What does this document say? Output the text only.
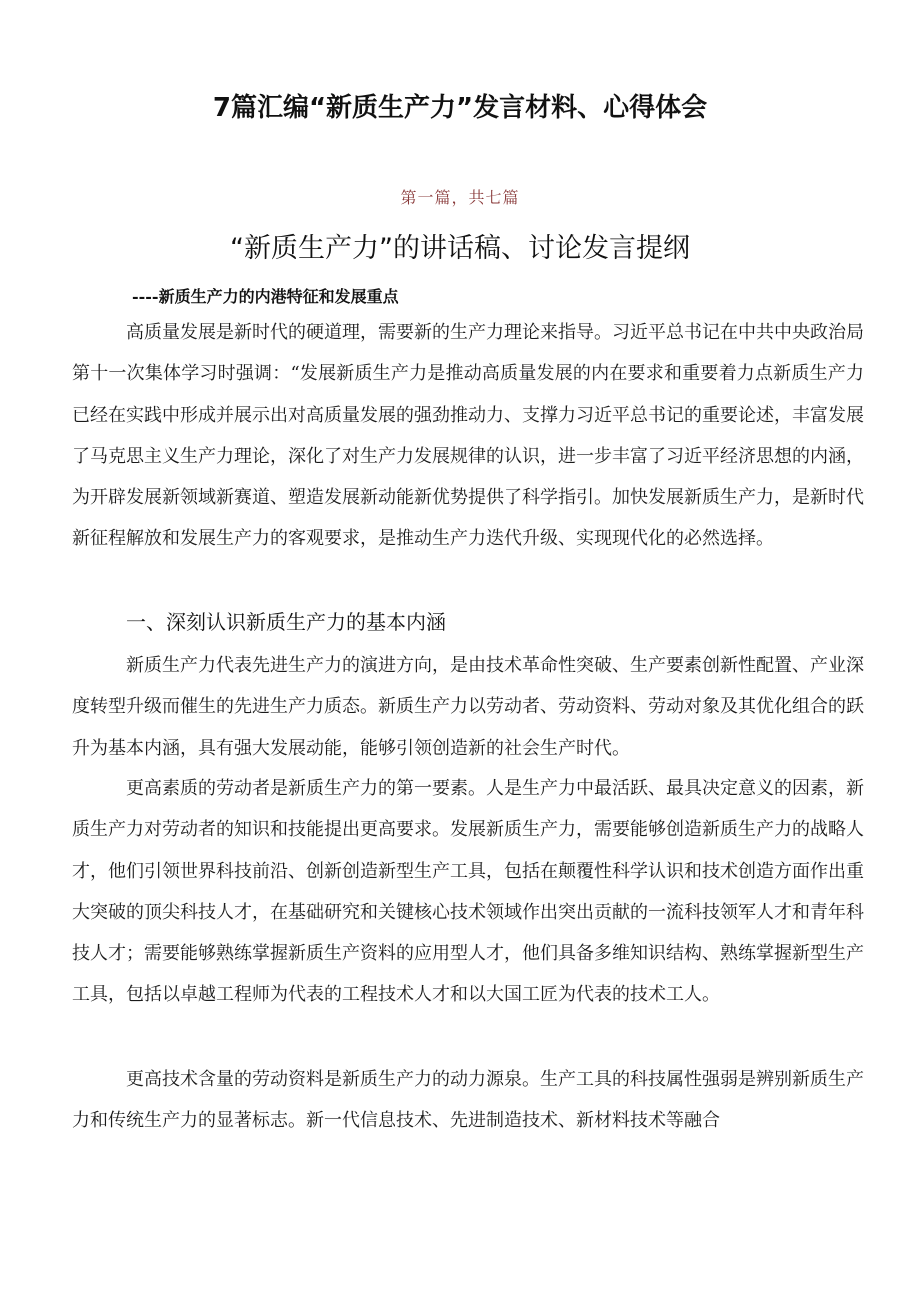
7篇汇编“新质生产力”发言材料、心得体会
第一篇，共七篇
“新质生产力”的讲话稿、讨论发言提纲
----新质生产力的内港特征和发展重点

高质量发展是新时代的硬道理，需要新的生产力理论来指导。习近平总书记在中共中央政治局第十一次集体学习时强调：“发展新质生产力是推动高质量发展的内在要求和重要着力点新质生产力已经在实践中形成并展示出对高质量发展的强劲推动力、支撑力习近平总书记的重要论述，丰富发展了马克思主义生产力理论，深化了对生产力发展规律的认识，进一步丰富了习近平经济思想的内涵，为开辟发展新领域新赛道、塑造发展新动能新优势提供了科学指引。加快发展新质生产力，是新时代新征程解放和发展生产力的客观要求，是推动生产力迭代升级、实现现代化的必然选择。

一、深刻认识新质生产力的基本内涵

新质生产力代表先进生产力的演进方向，是由技术革命性突破、生产要素创新性配置、产业深度转型升级而催生的先进生产力质态。新质生产力以劳动者、劳动资料、劳动对象及其优化组合的跃升为基本内涵，具有强大发展动能，能够引领创造新的社会生产时代。

更高素质的劳动者是新质生产力的第一要素。人是生产力中最活跃、最具决定意义的因素，新质生产力对劳动者的知识和技能提出更高要求。发展新质生产力，需要能够创造新质生产力的战略人才，他们引领世界科技前沿、创新创造新型生产工具，包括在颠覆性科学认识和技术创造方面作出重大突破的顶尖科技人才，在基础研究和关键核心技术领域作出突出贡献的一流科技领军人才和青年科技人才；需要能够熟练掌握新质生产资料的应用型人才，他们具备多维知识结构、熟练掌握新型生产工具，包括以卓越工程师为代表的工程技术人才和以大国工匠为代表的技术工人。

更高技术含量的劳动资料是新质生产力的动力源泉。生产工具的科技属性强弱是辨别新质生产力和传统生产力的显著标志。新一代信息技术、先进制造技术、新材料技术等融合
